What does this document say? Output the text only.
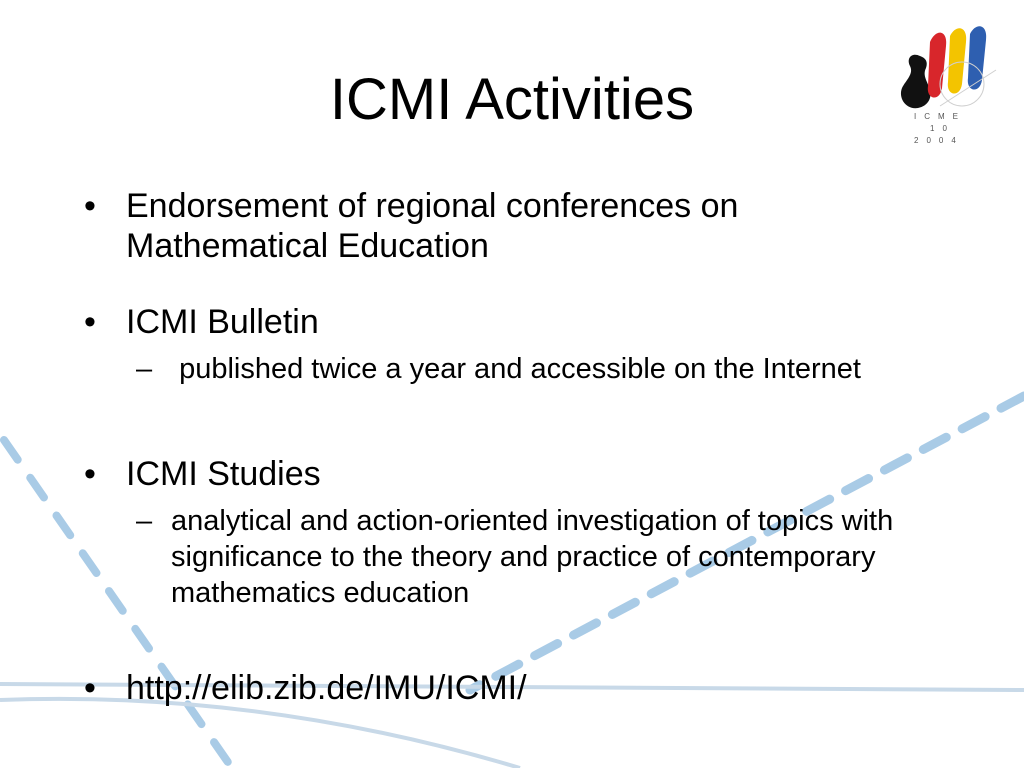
ICMI Activities	ICME
10
2004
• Endorsement of regional conferences on Mathematical Education
• ICMI Bulletin
– published twice a year and accessible on the Internet
• ICMI Studies
– analytical and action-oriented investigation of topics with significance to the theory and practice of contemporary mathematics education
• http://elib.zib.de/IMU/ICMI/
